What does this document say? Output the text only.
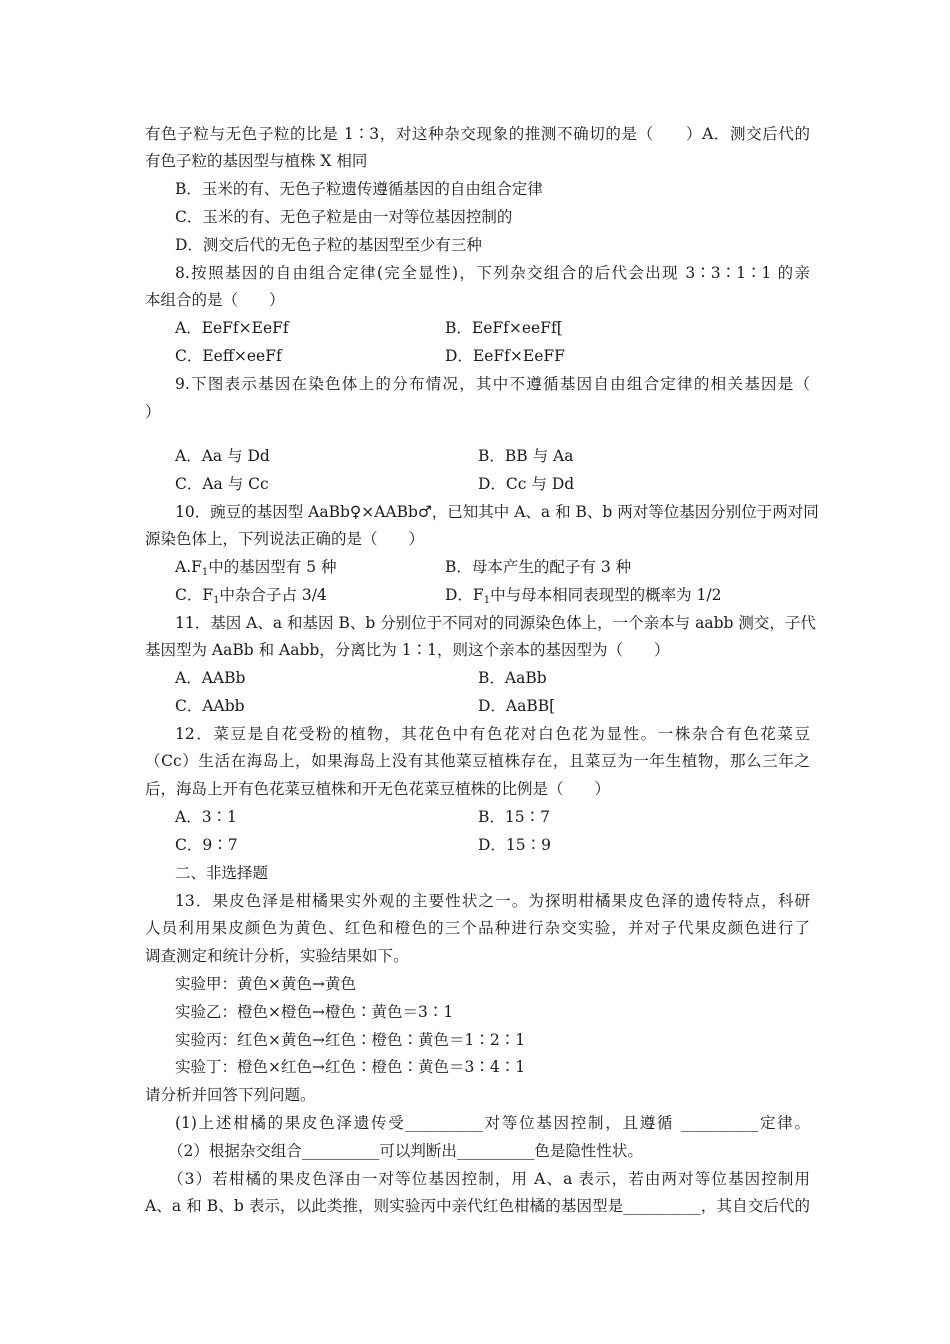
有色子粒与无色子粒的比是 1∶3，对这种杂交现象的推测不确切的是（　　）A．测交后代的
有色子粒的基因型与植株 X 相同
B．玉米的有、无色子粒遗传遵循基因的自由组合定律
C．玉米的有、无色子粒是由一对等位基因控制的
D．测交后代的无色子粒的基因型至少有三种
8.按照基因的自由组合定律(完全显性)，下列杂交组合的后代会出现 3∶3∶1∶1 的亲
本组合的是（　　）
A．EeFf×EeFf	B．EeFf×eeFf[
C．Eeff×eeFf	D．EeFf×EeFF
9.下图表示基因在染色体上的分布情况，其中不遵循基因自由组合定律的相关基因是（
）
A．Aa 与 Dd	B．BB 与 Aa
C．Aa 与 Cc	D．Cc 与 Dd
10．豌豆的基因型 AaBb♀×AABb♂，已知其中 A、a 和 B、b 两对等位基因分别位于两对同
源染色体上，下列说法正确的是（　　）
$A.F_1$中的基因型有 5 种	B．母本产生的配子有 3 种
C．$F_1$中杂合子占 3/4	D．$F_1$中与母本相同表现型的概率为 1/2
11．基因 A、a 和基因 B、b 分别位于不同对的同源染色体上，一个亲本与 aabb 测交，子代
基因型为 AaBb 和 Aabb，分离比为 1∶1，则这个亲本的基因型为（　　）
A．AABb	B．AaBb
C．AAbb	D．AaBB[
12．菜豆是自花受粉的植物，其花色中有色花对白色花为显性。一株杂合有色花菜豆
（Cc）生活在海岛上，如果海岛上没有其他菜豆植株存在，且菜豆为一年生植物，那么三年之
后，海岛上开有色花菜豆植株和开无色花菜豆植株的比例是（　　）
A．3∶1	B．15∶7
C．9∶7	D．15∶9
二、非选择题
13．果皮色泽是柑橘果实外观的主要性状之一。为探明柑橘果皮色泽的遗传特点，科研
人员利用果皮颜色为黄色、红色和橙色的三个品种进行杂交实验，并对子代果皮颜色进行了
调查测定和统计分析，实验结果如下。
实验甲：黄色×黄色→黄色
实验乙：橙色×橙色→橙色∶黄色＝3∶1
实验丙：红色×黄色→红色∶橙色∶黄色＝1∶2∶1
实验丁：橙色×红色→红色∶橙色∶黄色＝3∶4∶1
请分析并回答下列问题。
(1)上述柑橘的果皮色泽遗传受__________对等位基因控制，且遵循 __________定律。
（2）根据杂交组合__________可以判断出__________色是隐性性状。
（3）若柑橘的果皮色泽由一对等位基因控制，用 A、a 表示，若由两对等位基因控制用
A、a 和 B、b 表示，以此类推，则实验丙中亲代红色柑橘的基因型是__________，其自交后代的
